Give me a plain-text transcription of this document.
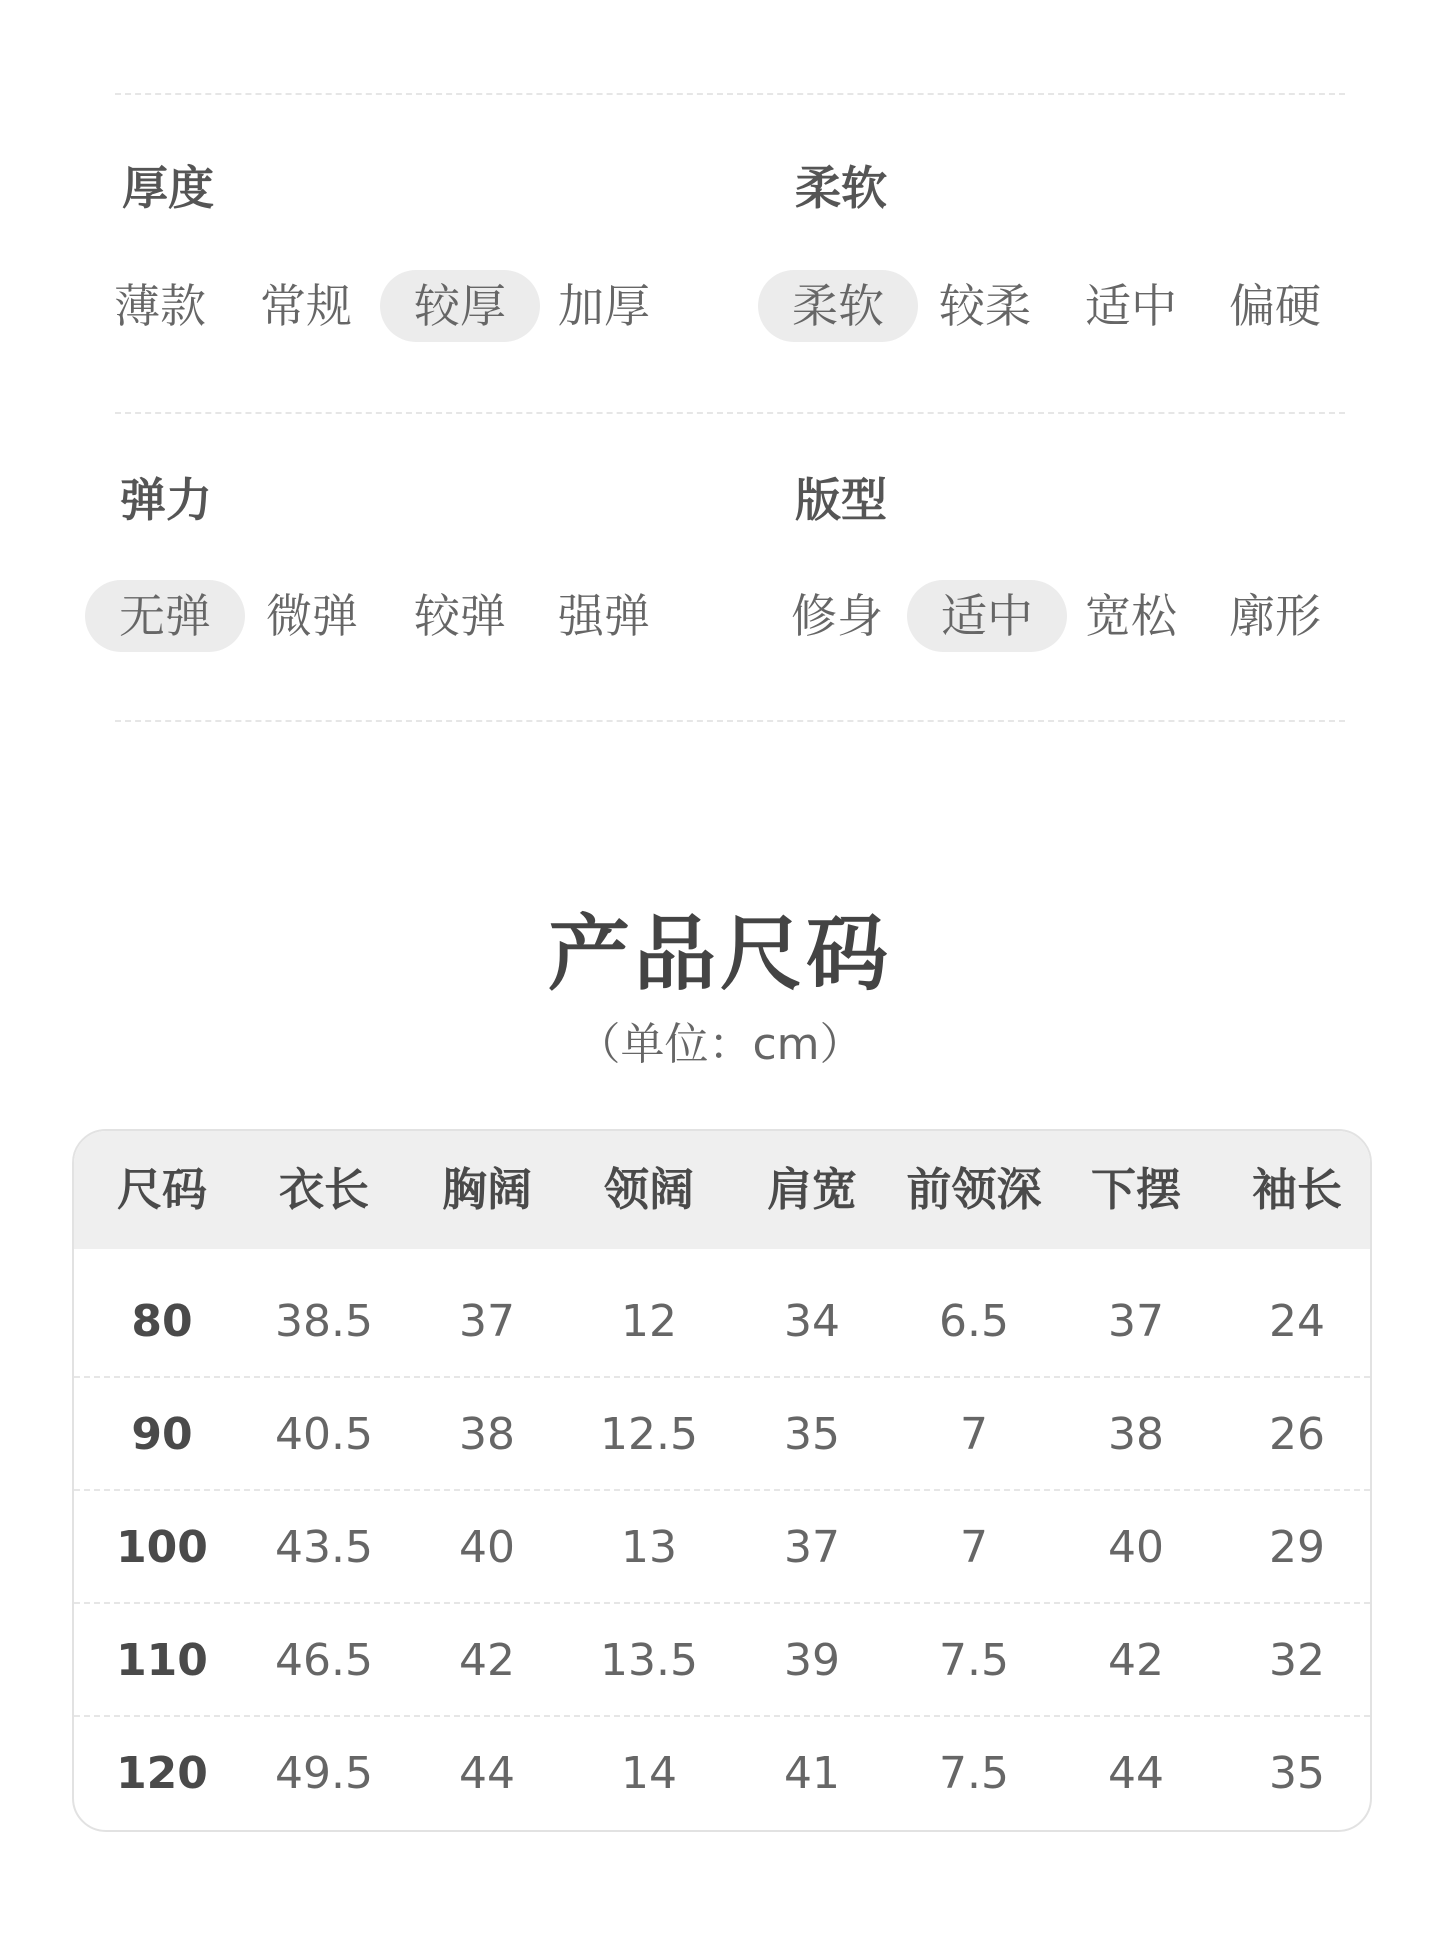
厚度
薄款	常规	较厚	加厚
柔软
柔软	较柔	适中	偏硬
弹力
无弹	微弹	较弹	强弹
版型
修身	适中	宽松	廓形
产品尺码
（单位：cm）
尺码	衣长	胸阔	领阔	肩宽	前领深	下摆	袖长
80	38.5	37	12	34	6.5	37	24
90	40.5	38	12.5	35	7	38	26
100	43.5	40	13	37	7	40	29
110	46.5	42	13.5	39	7.5	42	32
120	49.5	44	14	41	7.5	44	35
